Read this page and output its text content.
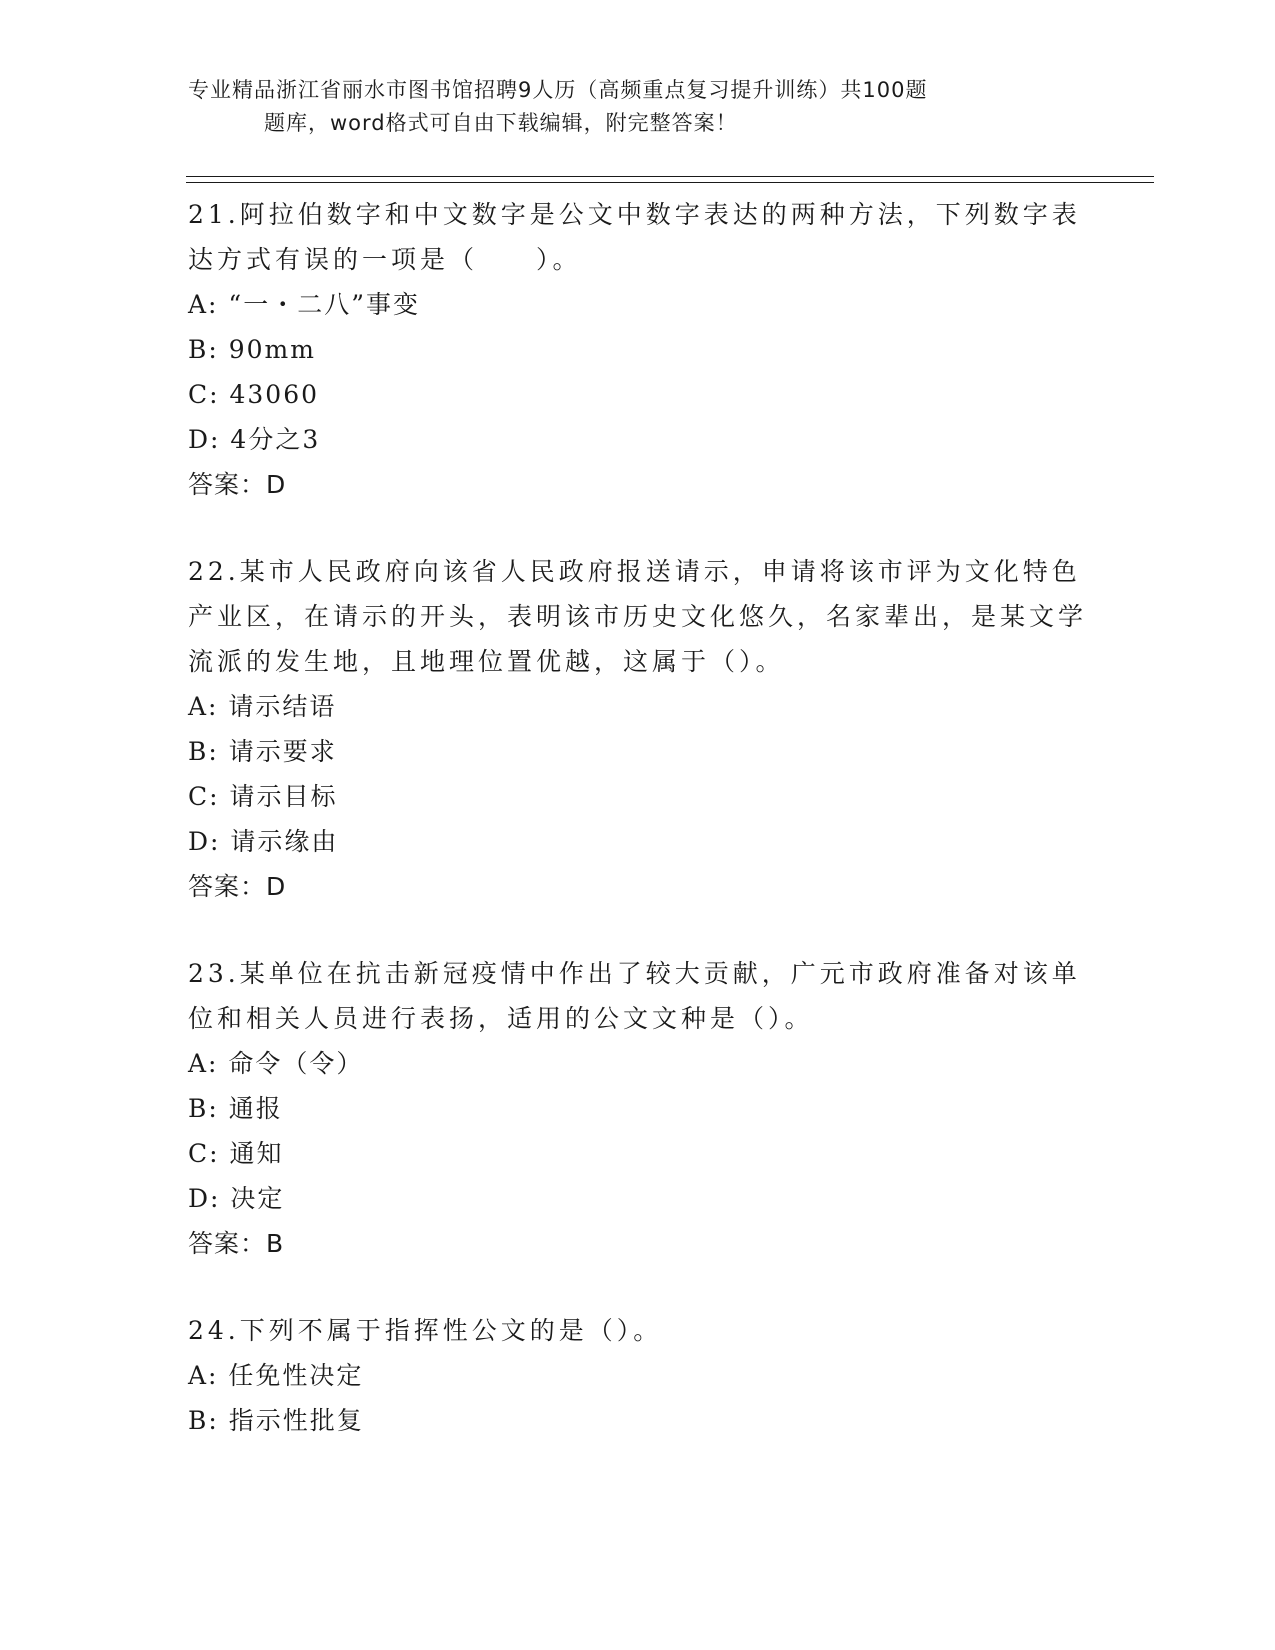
专业精品浙江省丽水市图书馆招聘9人历（高频重点复习提升训练）共100题
题库，word格式可自由下载编辑，附完整答案！
21.阿拉伯数字和中文数字是公文中数字表达的两种方法，下列数字表达方式有误的一项是（　　）。
A: “一・二八”事变
B: 90mm
C: 43060
D: 4分之3
答案：D
22.某市人民政府向该省人民政府报送请示，申请将该市评为文化特色产业区，在请示的开头，表明该市历史文化悠久，名家辈出，是某文学流派的发生地，且地理位置优越，这属于（）。
A: 请示结语
B: 请示要求
C: 请示目标
D: 请示缘由
答案：D
23.某单位在抗击新冠疫情中作出了较大贡献，广元市政府准备对该单位和相关人员进行表扬，适用的公文文种是（）。
A: 命令（令）
B: 通报
C: 通知
D: 决定
答案：B
24.下列不属于指挥性公文的是（）。
A: 任免性决定
B: 指示性批复
